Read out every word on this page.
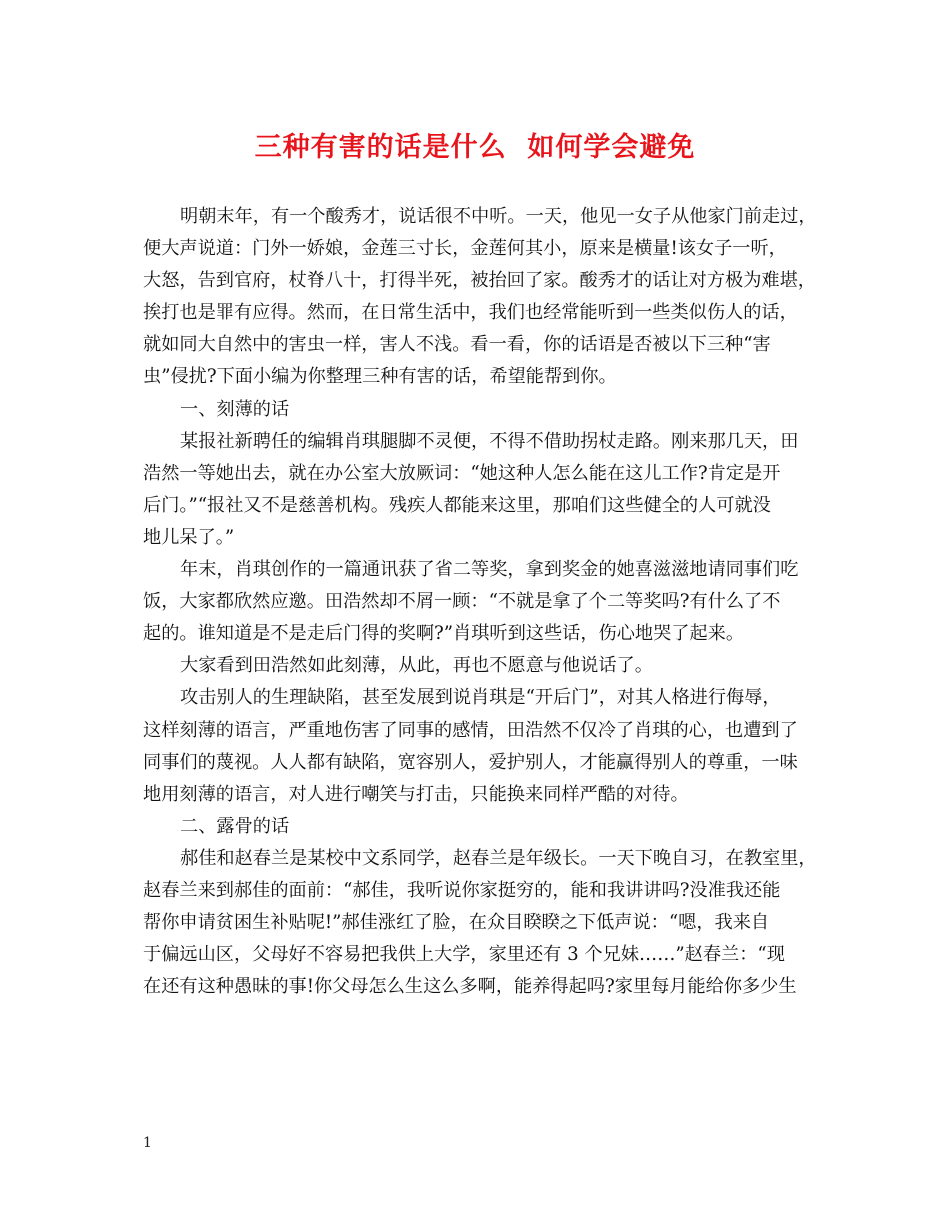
三种有害的话是什么  如何学会避免
明朝末年，有一个酸秀才，说话很不中听。一天，他见一女子从他家门前走过，
便大声说道：门外一娇娘，金莲三寸长，金莲何其小，原来是横量!该女子一听，
大怒，告到官府，杖脊八十，打得半死，被抬回了家。酸秀才的话让对方极为难堪，
挨打也是罪有应得。然而，在日常生活中，我们也经常能听到一些类似伤人的话，
就如同大自然中的害虫一样，害人不浅。看一看，你的话语是否被以下三种“害
虫”侵扰?下面小编为你整理三种有害的话，希望能帮到你。
一、刻薄的话
某报社新聘任的编辑肖琪腿脚不灵便，不得不借助拐杖走路。刚来那几天，田
浩然一等她出去，就在办公室大放厥词：“她这种人怎么能在这儿工作?肯定是开
后门。”“报社又不是慈善机构。残疾人都能来这里，那咱们这些健全的人可就没
地儿呆了。”
年末，肖琪创作的一篇通讯获了省二等奖，拿到奖金的她喜滋滋地请同事们吃
饭，大家都欣然应邀。田浩然却不屑一顾：“不就是拿了个二等奖吗?有什么了不
起的。谁知道是不是走后门得的奖啊?”肖琪听到这些话，伤心地哭了起来。
大家看到田浩然如此刻薄，从此，再也不愿意与他说话了。
攻击别人的生理缺陷，甚至发展到说肖琪是“开后门”，对其人格进行侮辱，
这样刻薄的语言，严重地伤害了同事的感情，田浩然不仅冷了肖琪的心，也遭到了
同事们的蔑视。人人都有缺陷，宽容别人，爱护别人，才能赢得别人的尊重，一味
地用刻薄的语言，对人进行嘲笑与打击，只能换来同样严酷的对待。
二、露骨的话
郝佳和赵春兰是某校中文系同学，赵春兰是年级长。一天下晚自习，在教室里，
赵春兰来到郝佳的面前：“郝佳，我听说你家挺穷的，能和我讲讲吗?没准我还能
帮你申请贫困生补贴呢!”郝佳涨红了脸，在众目睽睽之下低声说：“嗯，我来自
于偏远山区，父母好不容易把我供上大学，家里还有 3 个兄妹……”赵春兰：“现
在还有这种愚昧的事!你父母怎么生这么多啊，能养得起吗?家里每月能给你多少生
1
